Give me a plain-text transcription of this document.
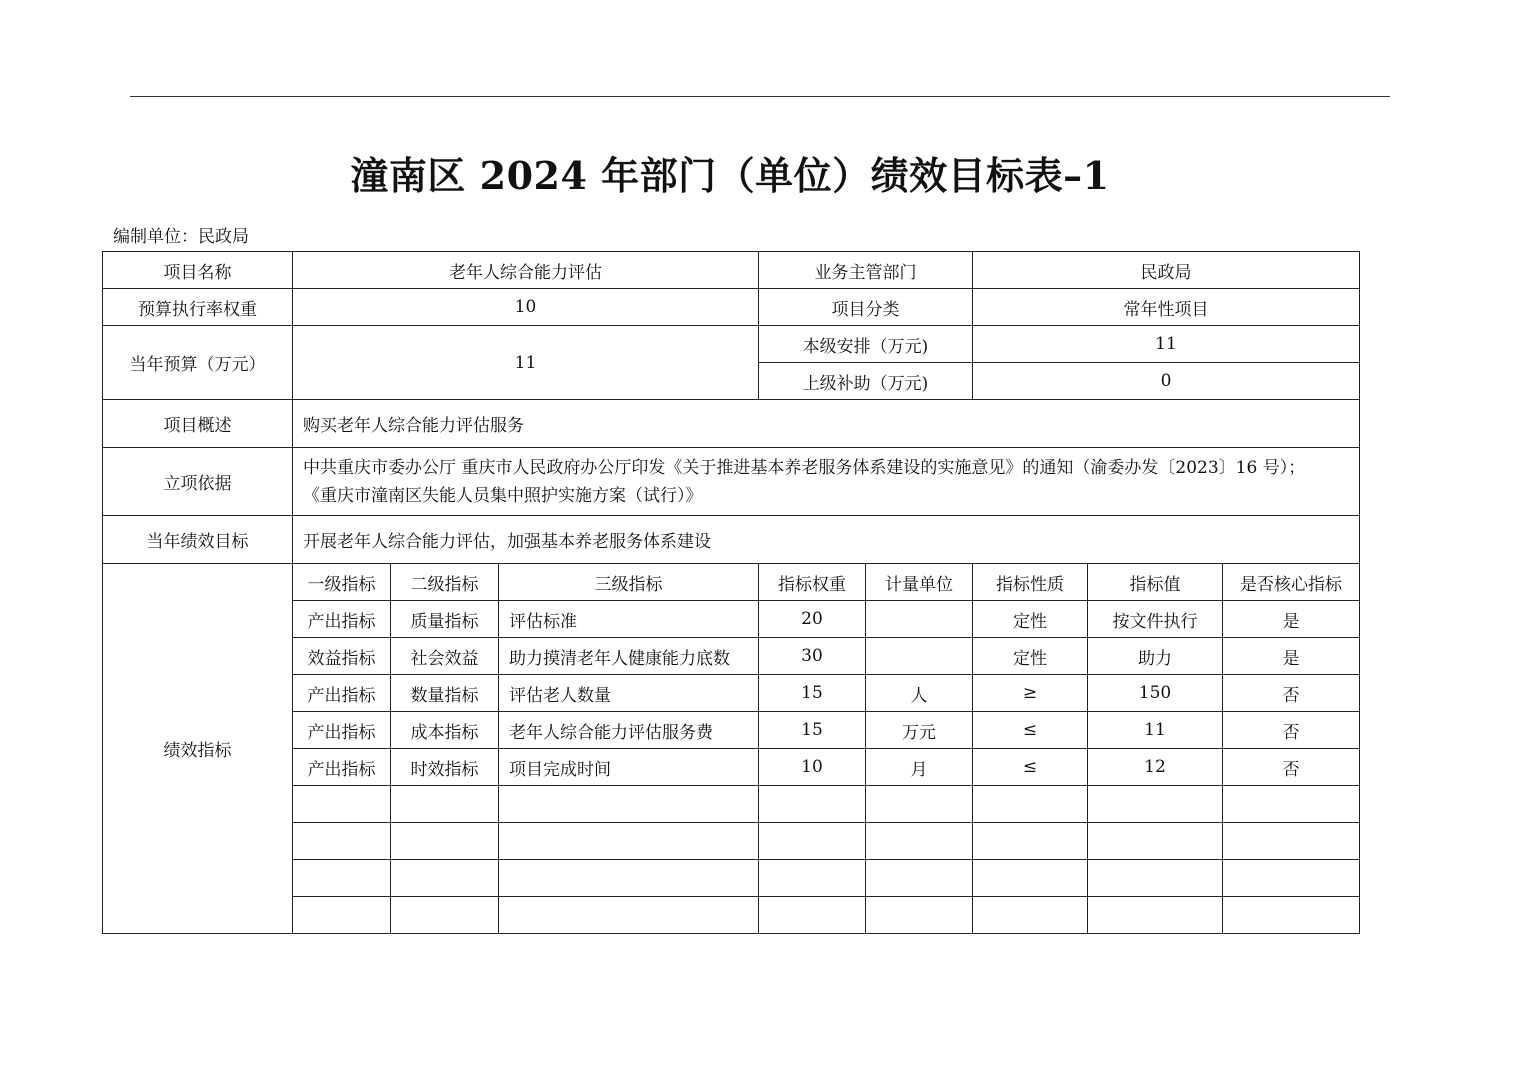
潼南区 2024 年部门（单位）绩效目标表–1
编制单位：民政局
项目名称	老年人综合能力评估			业务主管部门		民政局		
预算执行率权重	10			项目分类		常年性项目		
当年预算（万元）	11			本级安排（万元)		11		
				上级补助（万元)		0		
项目概述	购买老年人综合能力评估服务							
立项依据	中共重庆市委办公厅 重庆市人民政府办公厅印发《关于推进基本养老服务体系建设的实施意见》的通知（渝委办发〔2023〕16 号）；
《重庆市潼南区失能人员集中照护实施方案（试行）》							

当年绩效目标	开展老年人综合能力评估，加强基本养老服务体系建设							
绩效指标	一级指标	二级指标	三级指标	指标权重	计量单位	指标性质	指标值	是否核心指标
	产出指标	质量指标	评估标准	20		定性	按文件执行	是
	效益指标	社会效益	助力摸清老年人健康能力底数	30		定性	助力	是
	产出指标	数量指标	评估老人数量	15	人	≥	150	否
	产出指标	成本指标	老年人综合能力评估服务费	15	万元	≤	11	否
	产出指标	时效指标	项目完成时间	10	月	≤	12	否
